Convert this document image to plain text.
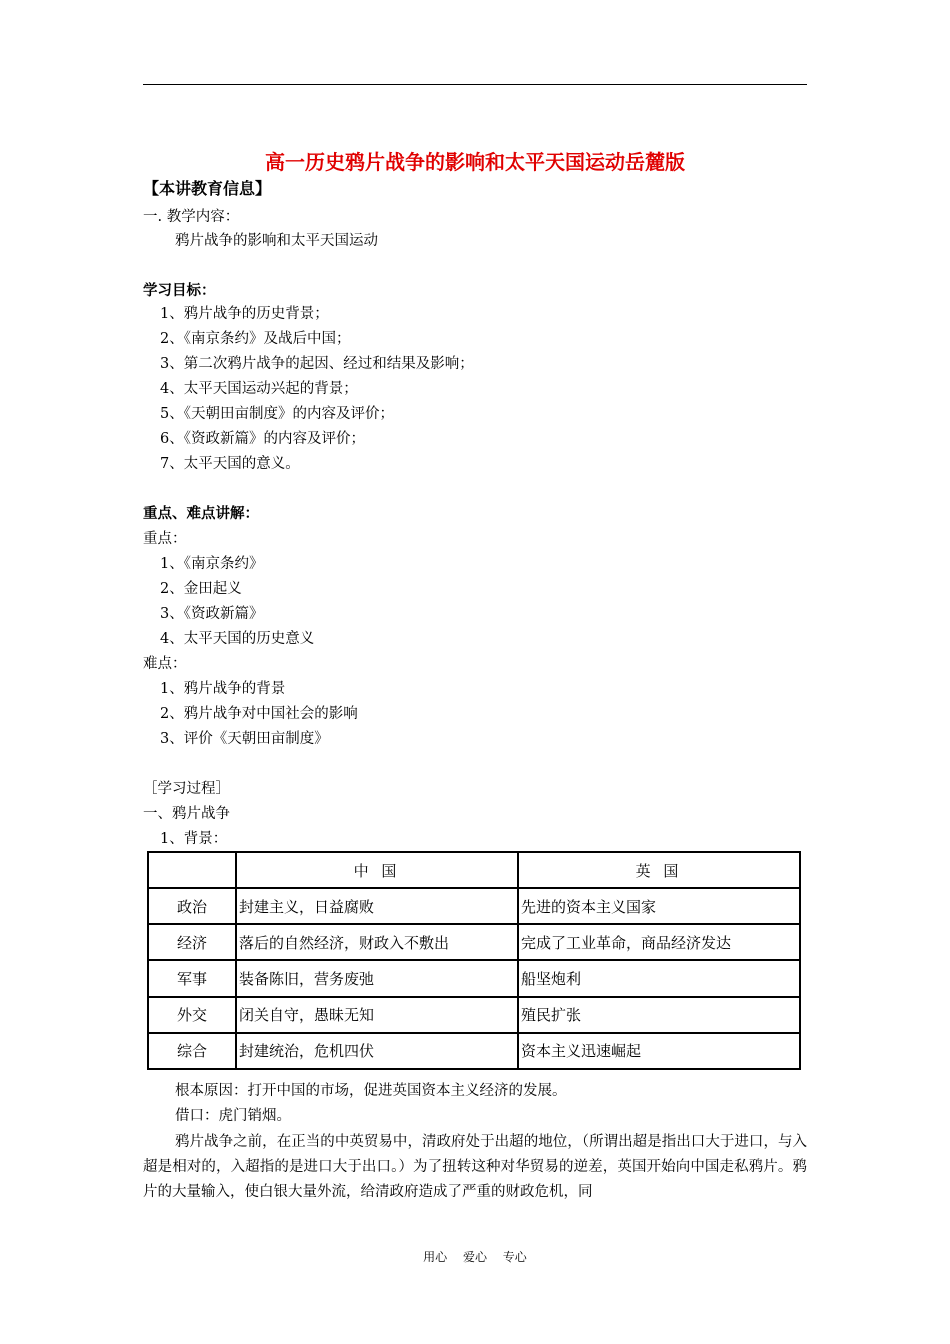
高一历史鸦片战争的影响和太平天国运动岳麓版
【本讲教育信息】
一. 教学内容：
鸦片战争的影响和太平天国运动
学习目标：
1、鸦片战争的历史背景；
2、《南京条约》及战后中国；
3、第二次鸦片战争的起因、经过和结果及影响；
4、太平天国运动兴起的背景；
5、《天朝田亩制度》的内容及评价；
6、《资政新篇》的内容及评价；
7、太平天国的意义。
重点、难点讲解：
重点：
1、《南京条约》
2、金田起义
3、《资政新篇》
4、太平天国的历史意义
难点：
1、鸦片战争的背景
2、鸦片战争对中国社会的影响
3、评价《天朝田亩制度》
［学习过程］
一、鸦片战争
1、背景：
	中 国	英 国
政治	封建主义，日益腐败	先进的资本主义国家
经济	落后的自然经济，财政入不敷出	完成了工业革命，商品经济发达
军事	装备陈旧，营务废弛	船坚炮利
外交	闭关自守，愚昧无知	殖民扩张
综合	封建统治，危机四伏	资本主义迅速崛起
根本原因：打开中国的市场，促进英国资本主义经济的发展。
借口：虎门销烟。
鸦片战争之前，在正当的中英贸易中，清政府处于出超的地位，（所谓出超是指出口大于进口，与入超是相对的，入超指的是进口大于出口。）为了扭转这种对华贸易的逆差，英国开始向中国走私鸦片。鸦片的大量输入，使白银大量外流，给清政府造成了严重的财政危机，同
用心 爱心 专心
